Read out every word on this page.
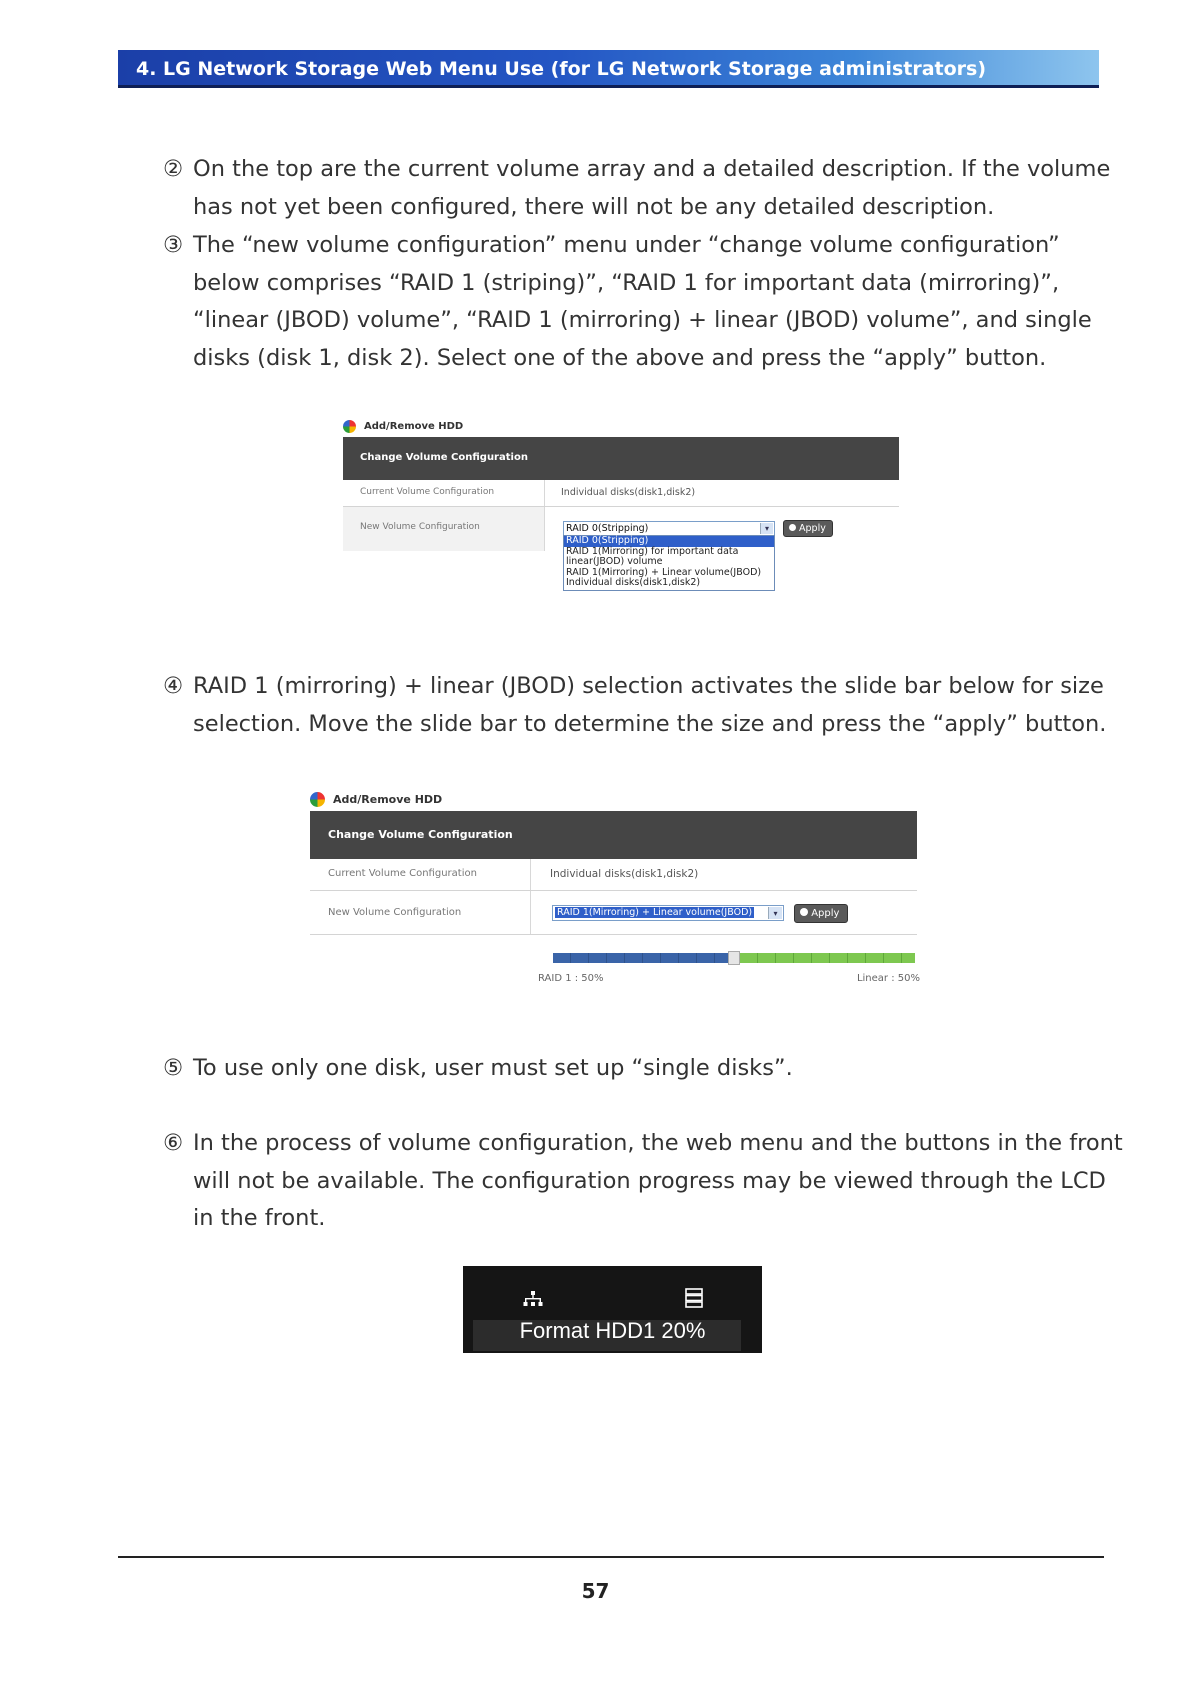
4. LG Network Storage Web Menu Use (for LG Network Storage administrators)
② On the top are the current volume array and a detailed description. If the volume
has not yet been configured, there will not be any detailed description.
③ The “new volume configuration” menu under “change volume configuration”
below comprises “RAID 1 (striping)”, “RAID 1 for important data (mirroring)”,
“linear (JBOD) volume”, “RAID 1 (mirroring) + linear (JBOD) volume”, and single
disks (disk 1, disk 2). Select one of the above and press the “apply” button.
Add/Remove HDD
Change Volume Configuration
Current Volume Configuration	Individual disks(disk1,disk2)
New Volume Configuration	RAID 0(Stripping)	▾	Apply
RAID 0(Stripping)
RAID 1(Mirroring) for important data
linear(JBOD) volume
RAID 1(Mirroring) + Linear volume(JBOD)
Individual disks(disk1,disk2)
④ RAID 1 (mirroring) + linear (JBOD) selection activates the slide bar below for size
selection. Move the slide bar to determine the size and press the “apply” button.
Add/Remove HDD
Change Volume Configuration
Current Volume Configuration	Individual disks(disk1,disk2)
New Volume Configuration	RAID 1(Mirroring) + Linear volume(JBOD)	▾	Apply
RAID 1 : 50%	Linear : 50%
⑤ To use only one disk, user must set up “single disks”.
⑥ In the process of volume configuration, the web menu and the buttons in the front
will not be available. The configuration progress may be viewed through the LCD
in the front.
Format HDD1 20%
57
